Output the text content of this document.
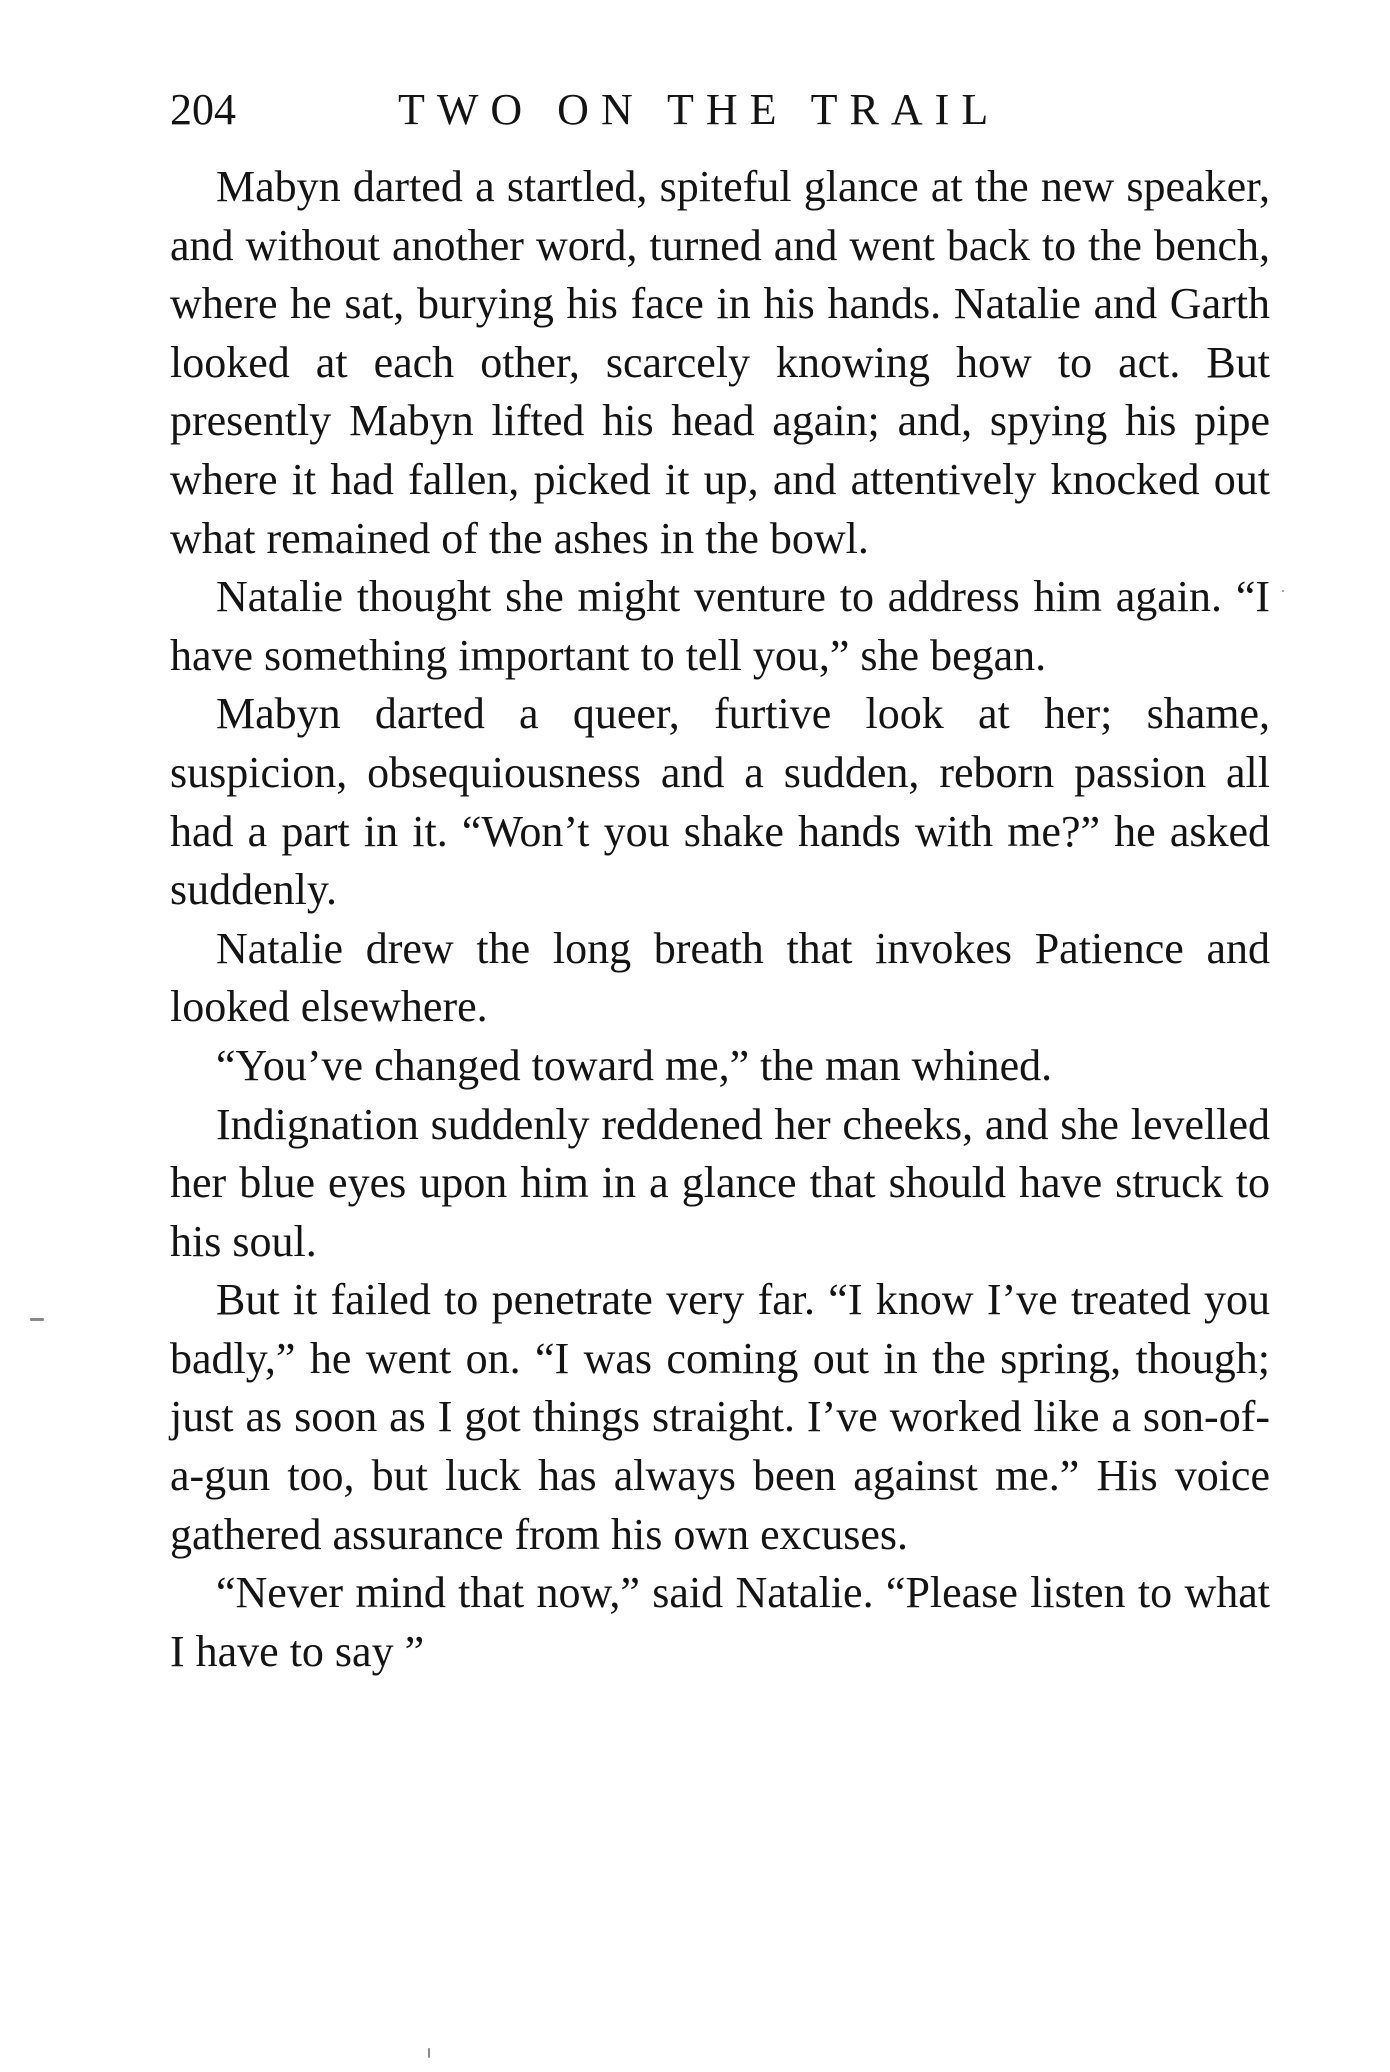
204	TWO ON THE TRAIL

Mabyn darted a startled, spiteful glance at the new speaker, and without another word, turned and went back to the bench, where he sat, burying his face in his hands. Natalie and Garth looked at each other, scarcely knowing how to act. But presently Mabyn lifted his head again; and, spying his pipe where it had fallen, picked it up, and attentively knocked out what remained of the ashes in the bowl.

Natalie thought she might venture to address him again. “I have something important to tell you,” she began.

Mabyn darted a queer, furtive look at her; shame, suspicion, obsequiousness and a sudden, reborn passion all had a part in it. “Won’t you shake hands with me?” he asked suddenly.

Natalie drew the long breath that invokes Patience and looked elsewhere.

“You’ve changed toward me,” the man whined.

Indignation suddenly reddened her cheeks, and she levelled her blue eyes upon him in a glance that should have struck to his soul.

But it failed to penetrate very far. “I know I’ve treated you badly,” he went on. “I was coming out in the spring, though; just as soon as I got things straight. I’ve worked like a son-of-a-gun too, but luck has always been against me.” His voice gathered assurance from his own excuses.

“Never mind that now,” said Natalie. “Please listen to what I have to say ”
